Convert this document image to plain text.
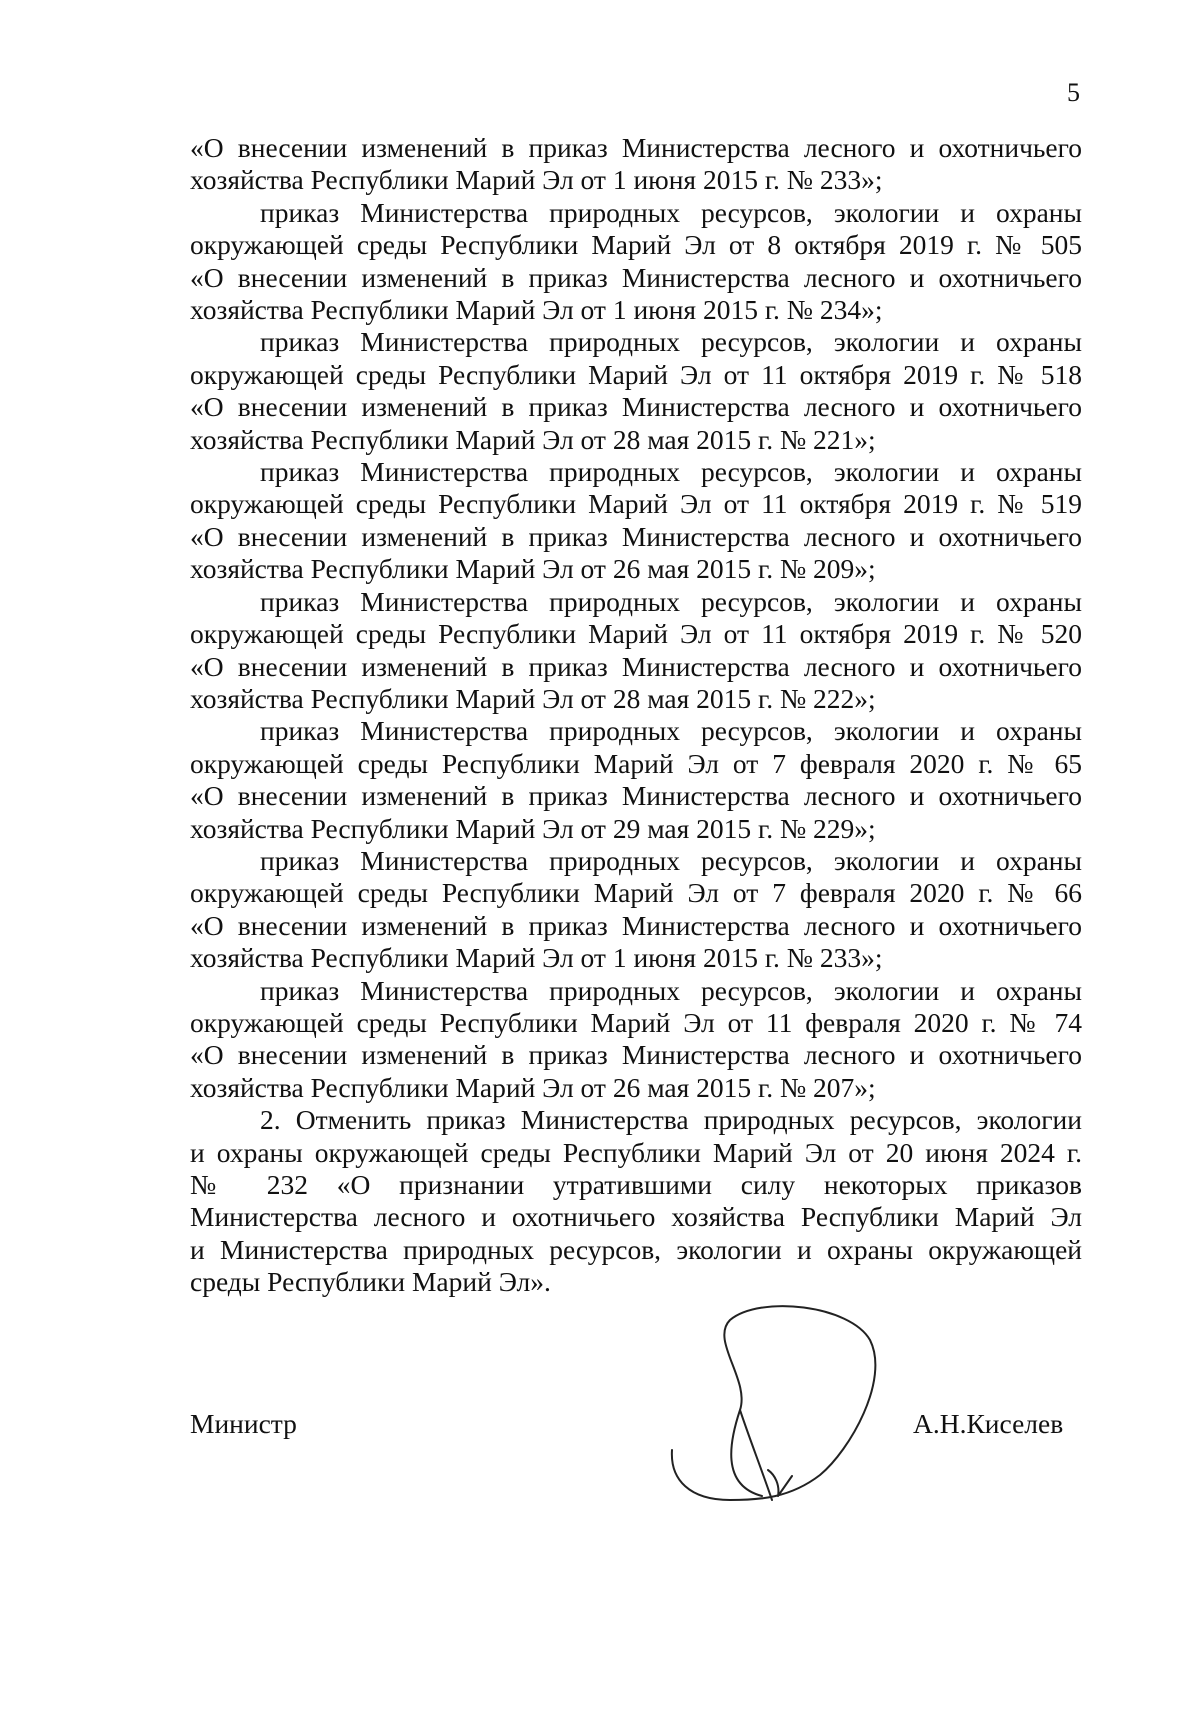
5

«О внесении изменений в приказ Министерства лесного и охотничьего
хозяйства Республики Марий Эл от 1 июня 2015 г. № 233»;

приказ Министерства природных ресурсов, экологии и охраны
окружающей среды Республики Марий Эл от 8 октября 2019 г. № 505
«О внесении изменений в приказ Министерства лесного и охотничьего
хозяйства Республики Марий Эл от 1 июня 2015 г. № 234»;

приказ Министерства природных ресурсов, экологии и охраны
окружающей среды Республики Марий Эл от 11 октября 2019 г. № 518
«О внесении изменений в приказ Министерства лесного и охотничьего
хозяйства Республики Марий Эл от 28 мая 2015 г. № 221»;

приказ Министерства природных ресурсов, экологии и охраны
окружающей среды Республики Марий Эл от 11 октября 2019 г. № 519
«О внесении изменений в приказ Министерства лесного и охотничьего
хозяйства Республики Марий Эл от 26 мая 2015 г. № 209»;

приказ Министерства природных ресурсов, экологии и охраны
окружающей среды Республики Марий Эл от 11 октября 2019 г. № 520
«О внесении изменений в приказ Министерства лесного и охотничьего
хозяйства Республики Марий Эл от 28 мая 2015 г. № 222»;

приказ Министерства природных ресурсов, экологии и охраны
окружающей среды Республики Марий Эл от 7 февраля 2020 г. № 65
«О внесении изменений в приказ Министерства лесного и охотничьего
хозяйства Республики Марий Эл от 29 мая 2015 г. № 229»;

приказ Министерства природных ресурсов, экологии и охраны
окружающей среды Республики Марий Эл от 7 февраля 2020 г. № 66
«О внесении изменений в приказ Министерства лесного и охотничьего
хозяйства Республики Марий Эл от 1 июня 2015 г. № 233»;

приказ Министерства природных ресурсов, экологии и охраны
окружающей среды Республики Марий Эл от 11 февраля 2020 г. № 74
«О внесении изменений в приказ Министерства лесного и охотничьего
хозяйства Республики Марий Эл от 26 мая 2015 г. № 207»;

2. Отменить приказ Министерства природных ресурсов, экологии
и охраны окружающей среды Республики Марий Эл от 20 июня 2024 г.
№ 232 «О признании утратившими силу некоторых приказов
Министерства лесного и охотничьего хозяйства Республики Марий Эл
и Министерства природных ресурсов, экологии и охраны окружающей
среды Республики Марий Эл».

Министр	А.Н.Киселев
